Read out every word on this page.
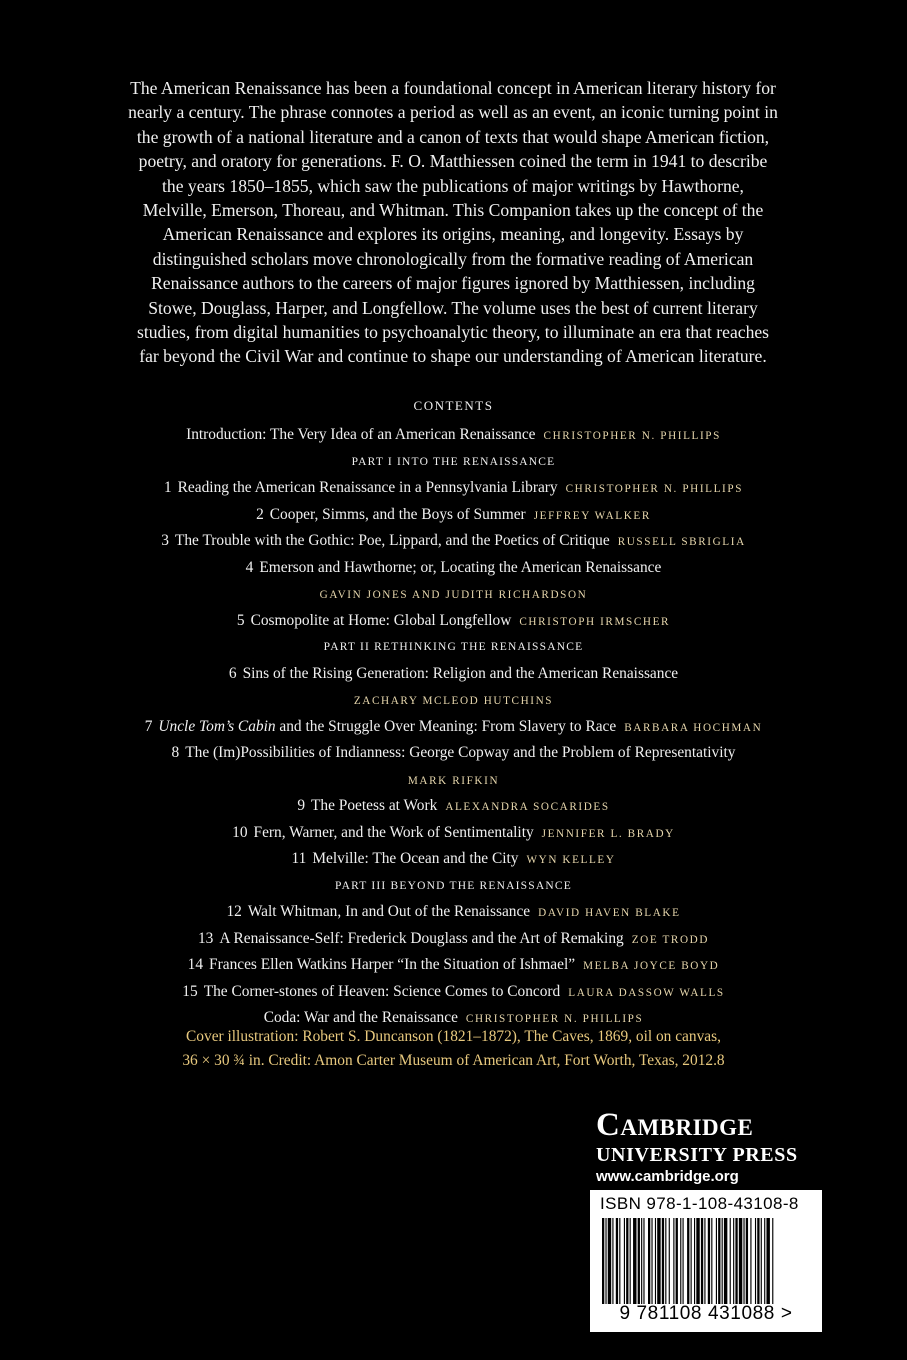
The American Renaissance has been a foundational concept in American literary history for nearly a century. The phrase connotes a period as well as an event, an iconic turning point in the growth of a national literature and a canon of texts that would shape American fiction, poetry, and oratory for generations. F. O. Matthiessen coined the term in 1941 to describe the years 1850–1855, which saw the publications of major writings by Hawthorne, Melville, Emerson, Thoreau, and Whitman. This Companion takes up the concept of the American Renaissance and explores its origins, meaning, and longevity. Essays by distinguished scholars move chronologically from the formative reading of American Renaissance authors to the careers of major figures ignored by Matthiessen, including Stowe, Douglass, Harper, and Longfellow. The volume uses the best of current literary studies, from digital humanities to psychoanalytic theory, to illuminate an era that reaches far beyond the Civil War and continue to shape our understanding of American literature.

CONTENTS
Introduction: The Very Idea of an American Renaissance CHRISTOPHER N. PHILLIPS
PART I INTO THE RENAISSANCE
1 Reading the American Renaissance in a Pennsylvania Library CHRISTOPHER N. PHILLIPS
2 Cooper, Simms, and the Boys of Summer JEFFREY WALKER
3 The Trouble with the Gothic: Poe, Lippard, and the Poetics of Critique RUSSELL SBRIGLIA
4 Emerson and Hawthorne; or, Locating the American Renaissance
GAVIN JONES AND JUDITH RICHARDSON
5 Cosmopolite at Home: Global Longfellow CHRISTOPH IRMSCHER
PART II RETHINKING THE RENAISSANCE
6 Sins of the Rising Generation: Religion and the American Renaissance
ZACHARY MCLEOD HUTCHINS
7 Uncle Tom’s Cabin and the Struggle Over Meaning: From Slavery to Race BARBARA HOCHMAN
8 The (Im)Possibilities of Indianness: George Copway and the Problem of Representativity
MARK RIFKIN
9 The Poetess at Work ALEXANDRA SOCARIDES
10 Fern, Warner, and the Work of Sentimentality JENNIFER L. BRADY
11 Melville: The Ocean and the City WYN KELLEY
PART III BEYOND THE RENAISSANCE
12 Walt Whitman, In and Out of the Renaissance DAVID HAVEN BLAKE
13 A Renaissance-Self: Frederick Douglass and the Art of Remaking ZOE TRODD
14 Frances Ellen Watkins Harper “In the Situation of Ishmael” MELBA JOYCE BOYD
15 The Corner-stones of Heaven: Science Comes to Concord LAURA DASSOW WALLS
Coda: War and the Renaissance CHRISTOPHER N. PHILLIPS

Cover illustration: Robert S. Duncanson (1821–1872), The Caves, 1869, oil on canvas,

36 × 30 ¾ in. Credit: Amon Carter Museum of American Art, Fort Worth, Texas, 2012.8

Cambridge
UNIVERSITY PRESS
www.cambridge.org
ISBN 978-1-108-43108-8
9 781108 431088 >
